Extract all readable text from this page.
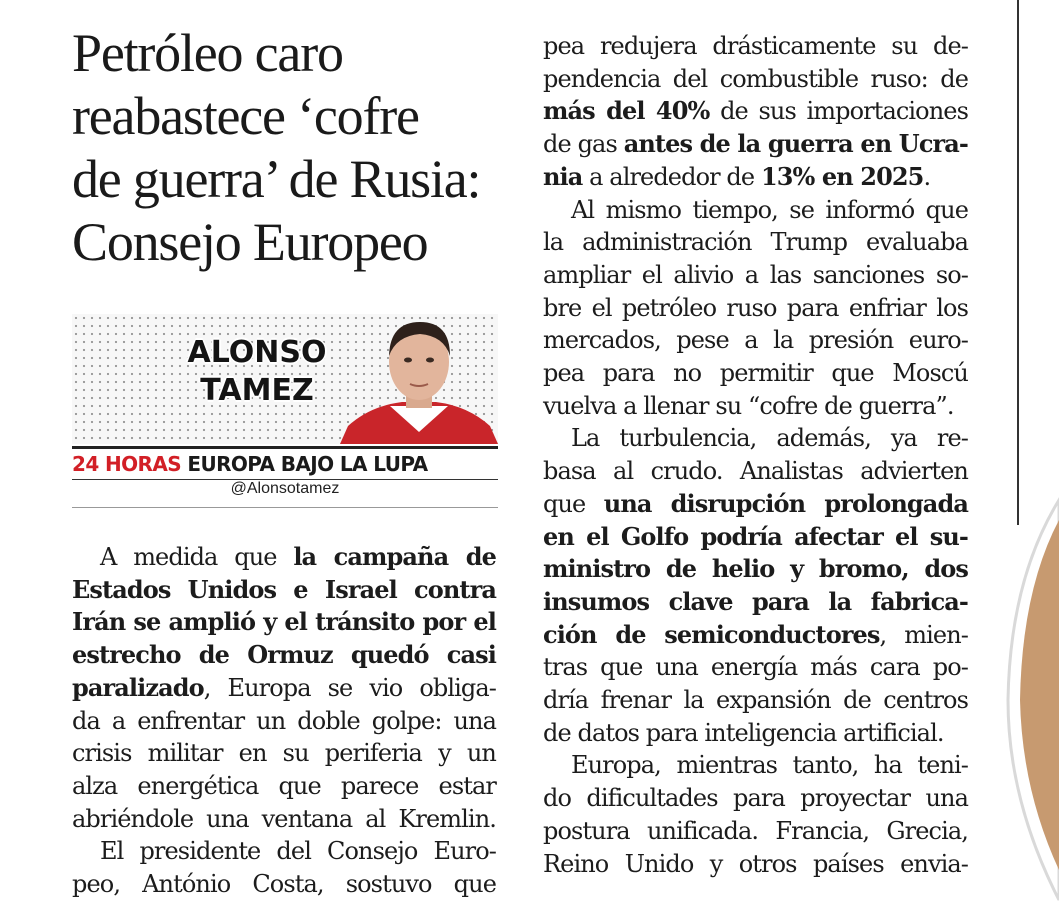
Petróleo caro
reabastece ‘cofre
de guerra’ de Rusia:
Consejo Europeo
ALONSO
TAMEZ
24 HORAS EUROPA BAJO LA LUPA
@Alonsotamez
A medida que la campaña de
Estados Unidos e Israel contra
Irán se amplió y el tránsito por el
estrecho de Ormuz quedó casi
paralizado, Europa se vio obliga-
da a enfrentar un doble golpe: una
crisis militar en su periferia y un
alza energética que parece estar
abriéndole una ventana al Kremlin.
El presidente del Consejo Euro-
peo, António Costa, sostuvo que
pea redujera drásticamente su de-
pendencia del combustible ruso: de
más del 40% de sus importaciones
de gas antes de la guerra en Ucra-
nia a alrededor de 13% en 2025.
Al mismo tiempo, se informó que
la administración Trump evaluaba
ampliar el alivio a las sanciones so-
bre el petróleo ruso para enfriar los
mercados, pese a la presión euro-
pea para no permitir que Moscú
vuelva a llenar su “cofre de guerra”.
La turbulencia, además, ya re-
basa al crudo. Analistas advierten
que una disrupción prolongada
en el Golfo podría afectar el su-
ministro de helio y bromo, dos
insumos clave para la fabrica-
ción de semiconductores, mien-
tras que una energía más cara po-
dría frenar la expansión de centros
de datos para inteligencia artificial.
Europa, mientras tanto, ha teni-
do dificultades para proyectar una
postura unificada. Francia, Grecia,
Reino Unido y otros países envia-
